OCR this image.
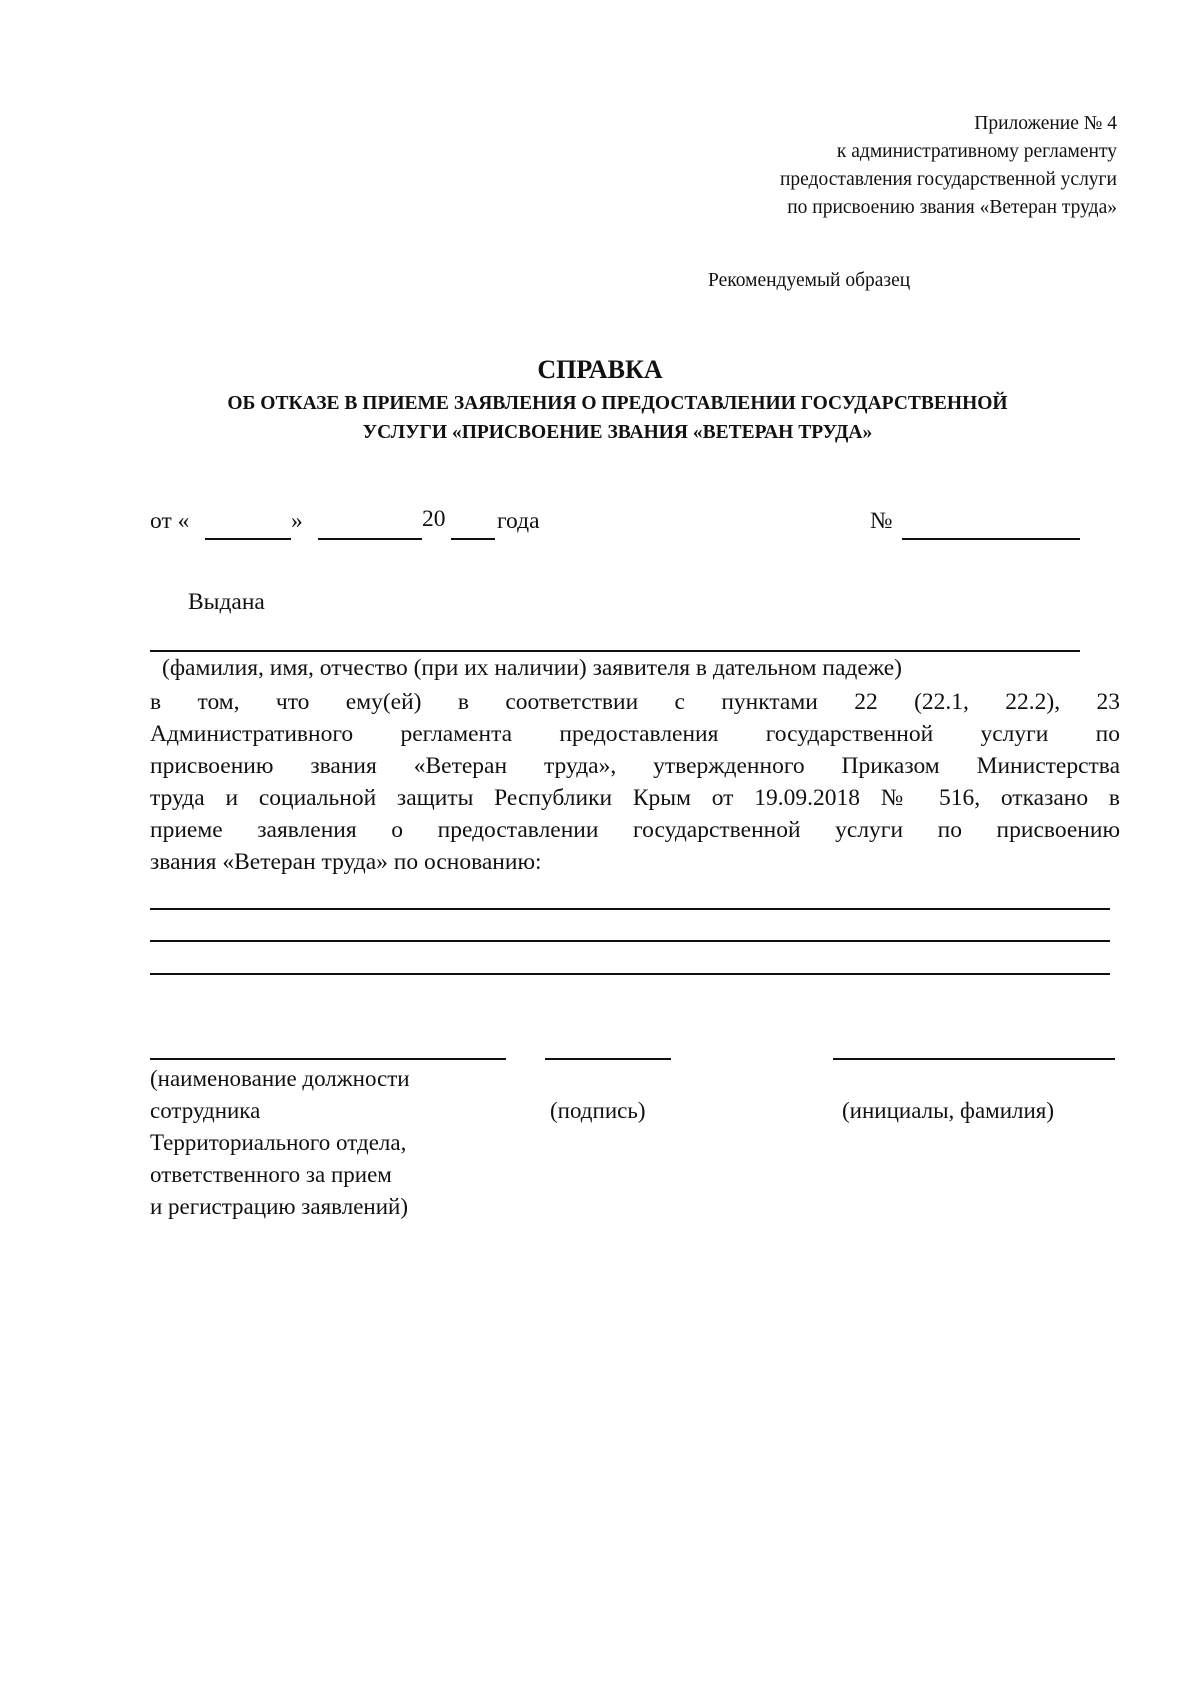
Приложение № 4
к административному регламенту
предоставления государственной услуги
по присвоению звания «Ветеран труда»
Рекомендуемый образец
СПРАВКА
ОБ ОТКАЗЕ В ПРИЕМЕ ЗАЯВЛЕНИЯ О ПРЕДОСТАВЛЕНИИ ГОСУДАРСТВЕННОЙ
УСЛУГИ «ПРИСВОЕНИЕ ЗВАНИЯ «ВЕТЕРАН ТРУДА»
от «	»	20 года	№
Выдана
(фамилия, имя, отчество (при их наличии) заявителя в дательном падеже)
в том, что ему(ей) в соответствии с пунктами 22 (22.1, 22.2), 23
Административного регламента предоставления государственной услуги по
присвоению звания «Ветеран труда», утвержденного Приказом Министерства
труда и социальной защиты Республики Крым от 19.09.2018 № 516, отказано в
приеме заявления о предоставлении государственной услуги по присвоению
звания «Ветеран труда» по основанию:
(наименование должности
сотрудника
Территориального отдела,
ответственного за прием
и регистрацию заявлений)
(подпись)	(инициалы, фамилия)
